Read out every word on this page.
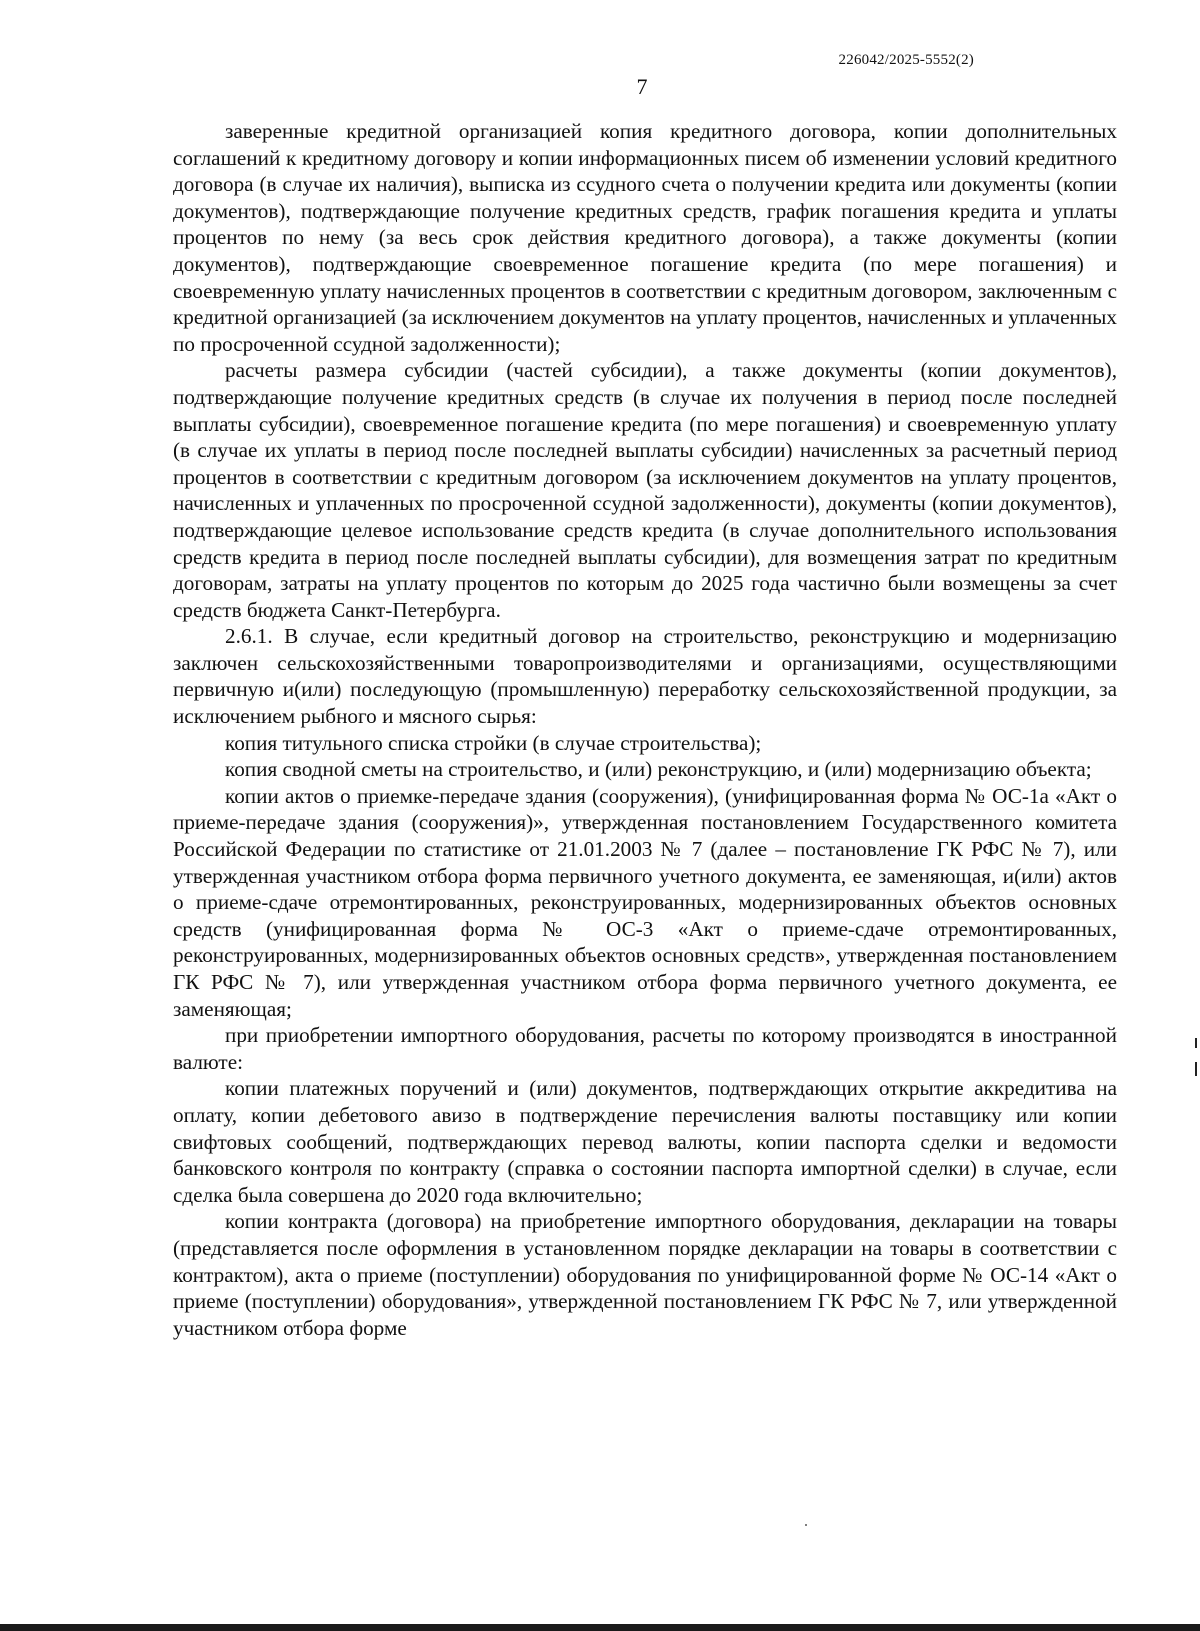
226042/2025-5552(2)
7

заверенные кредитной организацией копия кредитного договора, копии дополнительных соглашений к кредитному договору и копии информационных писем об изменении условий кредитного договора (в случае их наличия), выписка из ссудного счета о получении кредита или документы (копии документов), подтверждающие получение кредитных средств, график погашения кредита и уплаты процентов по нему (за весь срок действия кредитного договора), а также документы (копии документов), подтверждающие своевременное погашение кредита (по мере погашения) и своевременную уплату начисленных процентов в соответствии с кредитным договором, заключенным с кредитной организацией (за исключением документов на уплату процентов, начисленных и уплаченных по просроченной ссудной задолженности);

расчеты размера субсидии (частей субсидии), а также документы (копии документов), подтверждающие получение кредитных средств (в случае их получения в период после последней выплаты субсидии), своевременное погашение кредита (по мере погашения) и своевременную уплату (в случае их уплаты в период после последней выплаты субсидии) начисленных за расчетный период процентов в соответствии с кредитным договором (за исключением документов на уплату процентов, начисленных и уплаченных по просроченной ссудной задолженности), документы (копии документов), подтверждающие целевое использование средств кредита (в случае дополнительного использования средств кредита в период после последней выплаты субсидии), для возмещения затрат по кредитным договорам, затраты на уплату процентов по которым до 2025 года частично были возмещены за счет средств бюджета Санкт-Петербурга.

2.6.1. В случае, если кредитный договор на строительство, реконструкцию и модернизацию заключен сельскохозяйственными товаропроизводителями и организациями, осуществляющими первичную и(или) последующую (промышленную) переработку сельскохозяйственной продукции, за исключением рыбного и мясного сырья:

копия титульного списка стройки (в случае строительства);

копия сводной сметы на строительство, и (или) реконструкцию, и (или) модернизацию объекта;

копии актов о приемке-передаче здания (сооружения), (унифицированная форма № ОС-1а «Акт о приеме-передаче здания (сооружения)», утвержденная постановлением Государственного комитета Российской Федерации по статистике от 21.01.2003 № 7 (далее – постановление ГК РФС № 7), или утвержденная участником отбора форма первичного учетного документа, ее заменяющая, и(или) актов о приеме-сдаче отремонтированных, реконструированных, модернизированных объектов основных средств (унифицированная форма № ОС-3 «Акт о приеме-сдаче отремонтированных, реконструированных, модернизированных объектов основных средств», утвержденная постановлением ГК РФС № 7), или утвержденная участником отбора форма первичного учетного документа, ее заменяющая;

при приобретении импортного оборудования, расчеты по которому производятся в иностранной валюте:

копии платежных поручений и (или) документов, подтверждающих открытие аккредитива на оплату, копии дебетового авизо в подтверждение перечисления валюты поставщику или копии свифтовых сообщений, подтверждающих перевод валюты, копии паспорта сделки и ведомости банковского контроля по контракту (справка о состоянии паспорта импортной сделки) в случае, если сделка была совершена до 2020 года включительно;

копии контракта (договора) на приобретение импортного оборудования, декларации на товары (представляется после оформления в установленном порядке декларации на товары в соответствии с контрактом), акта о приеме (поступлении) оборудования по унифицированной форме № ОС-14 «Акт о приеме (поступлении) оборудования», утвержденной постановлением ГК РФС № 7, или утвержденной участником отбора форме
